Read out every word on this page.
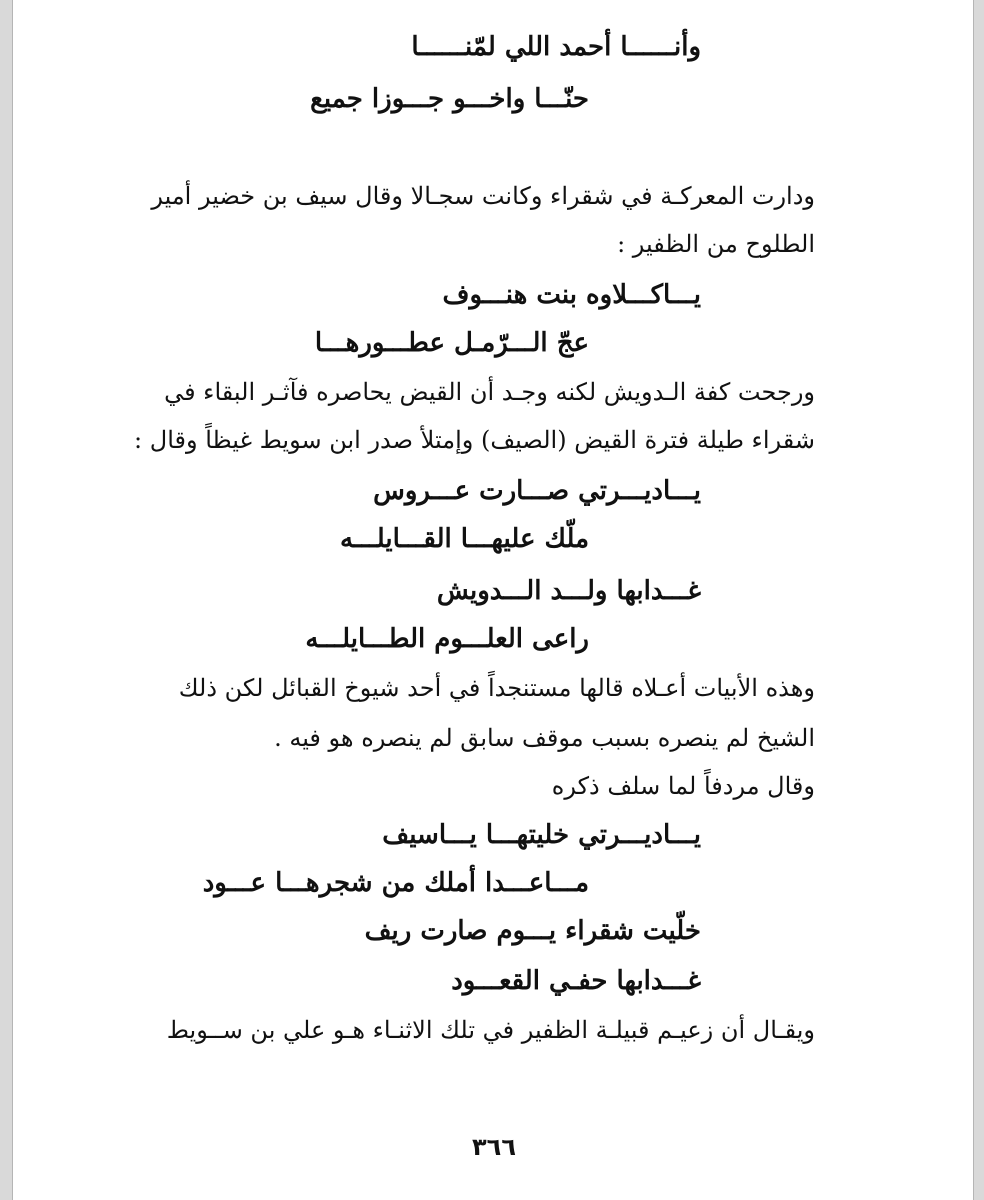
وأنــــــا أحمد اللي لمّنــــــا
حنّـــا واخـــو جـــوزا جميع
ودارت المعركـة في شقراء وكانت سجـالا وقال سيف بن خضير أمير
الطلوح من الظفير :
يـــاكـــلاوه بنت هنـــوف
عجّ الـــرّمـل عطـــورهـــا
ورجحت كفة الـدويش لكنه وجـد أن القيض يحاصره فآثـر البقاء في
شقراء طيلة فترة القيض (الصيف) وإمتلأ صدر ابن سويط غيظاً وقال :
يـــاديـــرتي صـــارت عـــروس
ملّك عليهـــا القـــايلـــه
غـــدابها ولـــد الـــدويش
راعى العلـــوم الطـــايلـــه
وهذه الأبيات أعـلاه قالها مستنجداً في أحد شيوخ القبائل لكن ذلك
الشيخ لم ينصره بسبب موقف سابق لم ينصره هو فيه .
وقال مردفاً لما سلف ذكره
يـــاديـــرتي خليتهـــا يـــاسيف
مـــاعـــدا أملك من شجرهـــا عـــود
خلّيت شقراء يـــوم صارت ريف
غـــدابها حفـي القعـــود
ويقـال أن زعيـم قبيلـة الظفير في تلك الاثنـاء هـو علي بن ســويط
٣٦٦
